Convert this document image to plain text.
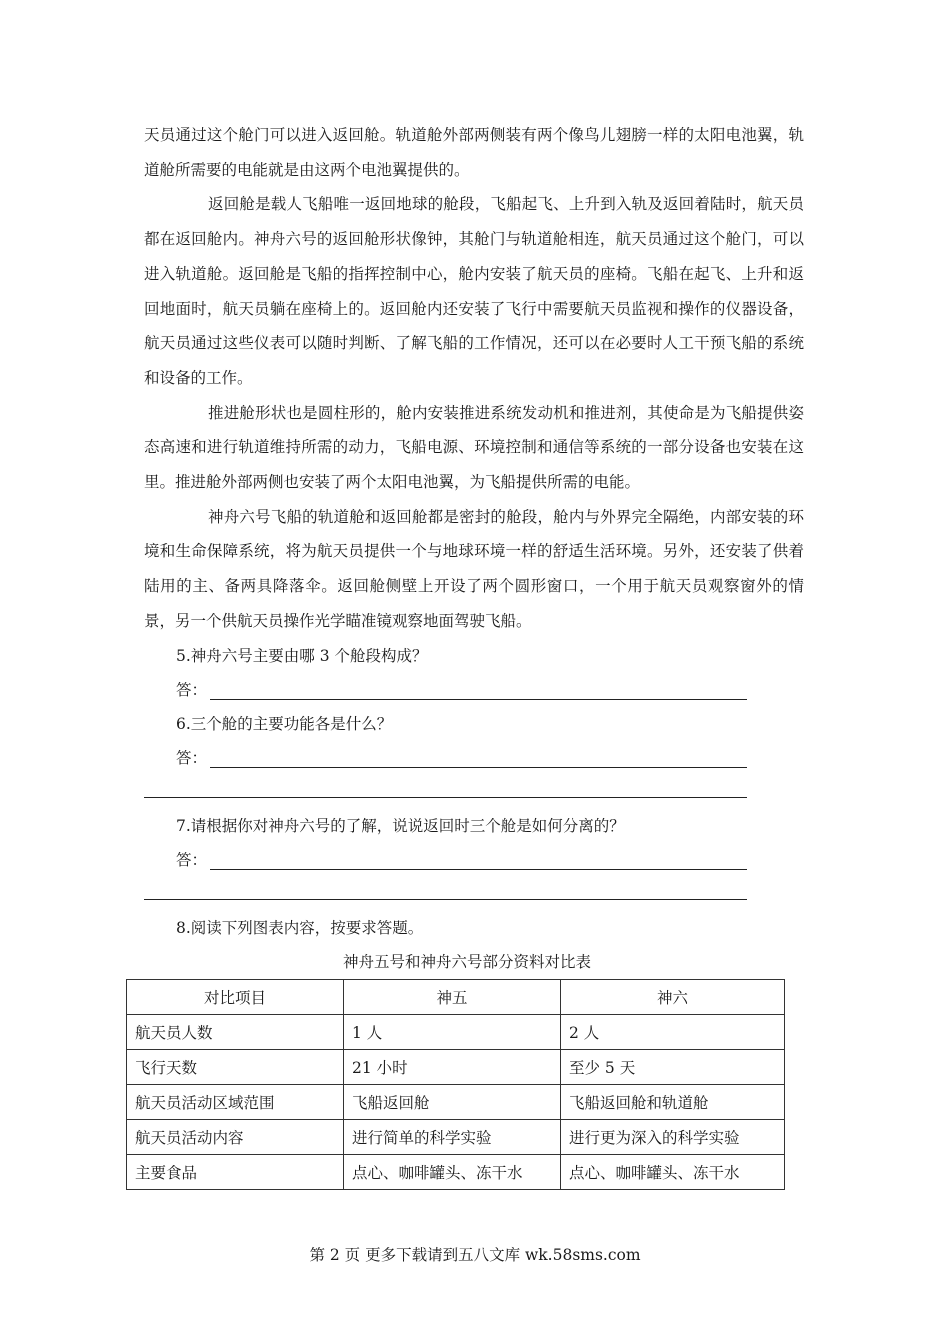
天员通过这个舱门可以进入返回舱。轨道舱外部两侧装有两个像鸟儿翅膀一样的太阳电池翼，轨道舱所需要的电能就是由这两个电池翼提供的。

返回舱是载人飞船唯一返回地球的舱段，飞船起飞、上升到入轨及返回着陆时，航天员都在返回舱内。神舟六号的返回舱形状像钟，其舱门与轨道舱相连，航天员通过这个舱门，可以进入轨道舱。返回舱是飞船的指挥控制中心，舱内安装了航天员的座椅。飞船在起飞、上升和返回地面时，航天员躺在座椅上的。返回舱内还安装了飞行中需要航天员监视和操作的仪器设备，航天员通过这些仪表可以随时判断、了解飞船的工作情况，还可以在必要时人工干预飞船的系统和设备的工作。

推进舱形状也是圆柱形的，舱内安装推进系统发动机和推进剂，其使命是为飞船提供姿态高速和进行轨道维持所需的动力，飞船电源、环境控制和通信等系统的一部分设备也安装在这里。推进舱外部两侧也安装了两个太阳电池翼，为飞船提供所需的电能。

神舟六号飞船的轨道舱和返回舱都是密封的舱段，舱内与外界完全隔绝，内部安装的环境和生命保障系统，将为航天员提供一个与地球环境一样的舒适生活环境。另外，还安装了供着陆用的主、备两具降落伞。返回舱侧壁上开设了两个圆形窗口，一个用于航天员观察窗外的情景，另一个供航天员操作光学瞄准镜观察地面驾驶飞船。

5.神舟六号主要由哪 3 个舱段构成？

答：

6.三个舱的主要功能各是什么？

答：

7.请根据你对神舟六号的了解，说说返回时三个舱是如何分离的？

答：

8.阅读下列图表内容，按要求答题。

神舟五号和神舟六号部分资料对比表

对比项目	神五	神六
航天员人数	1 人	2 人
飞行天数	21 小时	至少 5 天
航天员活动区域范围	飞船返回舱	飞船返回舱和轨道舱
航天员活动内容	进行简单的科学实验	进行更为深入的科学实验
主要食品	点心、咖啡罐头、冻干水	点心、咖啡罐头、冻干水
第 2 页 更多下载请到五八文库 wk.58sms.com
